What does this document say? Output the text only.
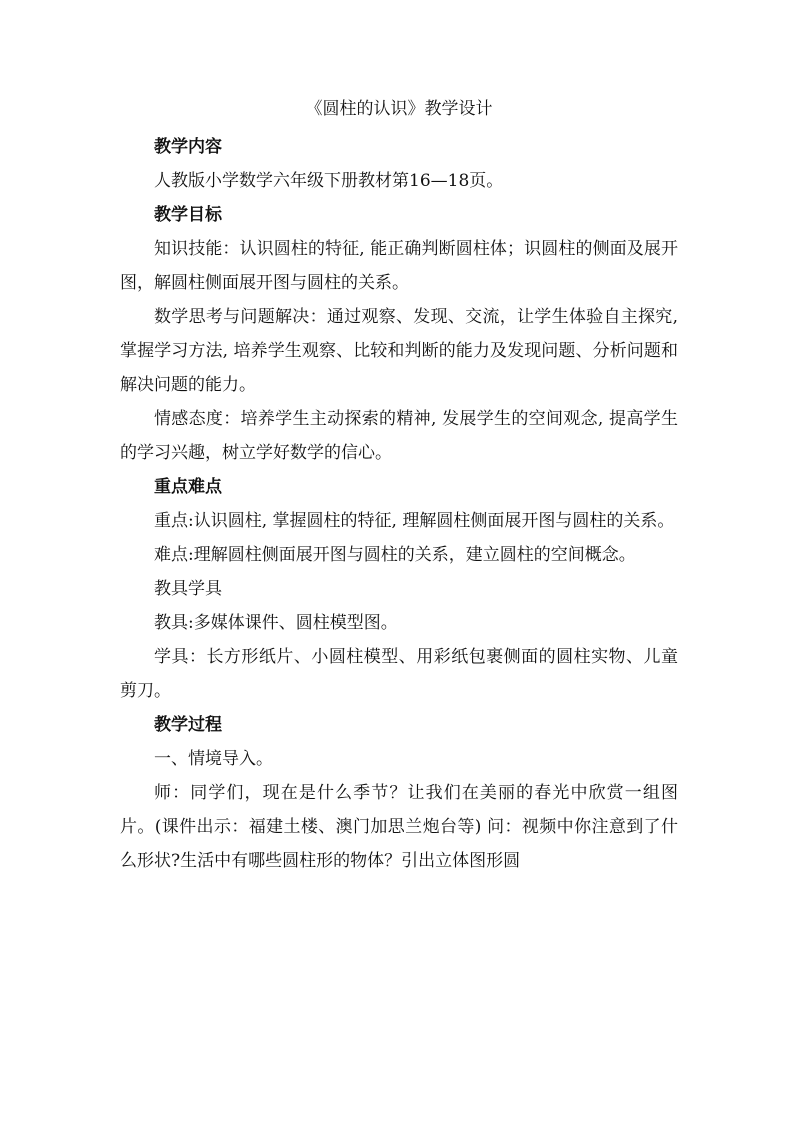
《圆柱的认识》教学设计

教学内容

人教版小学数学六年级下册教材第16—18页。

教学目标

知识技能：认识圆柱的特征, 能正确判断圆柱体；识圆柱的侧面及展开图，解圆柱侧面展开图与圆柱的关系。

数学思考与问题解决：通过观察、发现、交流，让学生体验自主探究, 掌握学习方法, 培养学生观察、比较和判断的能力及发现问题、分析问题和解决问题的能力。

情感态度：培养学生主动探索的精神, 发展学生的空间观念, 提高学生的学习兴趣，树立学好数学的信心。

重点难点

重点:认识圆柱, 掌握圆柱的特征, 理解圆柱侧面展开图与圆柱的关系。

难点:理解圆柱侧面展开图与圆柱的关系，建立圆柱的空间概念。

教具学具

教具:多媒体课件、圆柱模型图。

学具：长方形纸片、小圆柱模型、用彩纸包裹侧面的圆柱实物、儿童剪刀。

教学过程

一、情境导入。

师：同学们，现在是什么季节？让我们在美丽的春光中欣赏一组图片。(课件出示：福建土楼、澳门加思兰炮台等) 问：视频中你注意到了什么形状?生活中有哪些圆柱形的物体？引出立体图形圆
